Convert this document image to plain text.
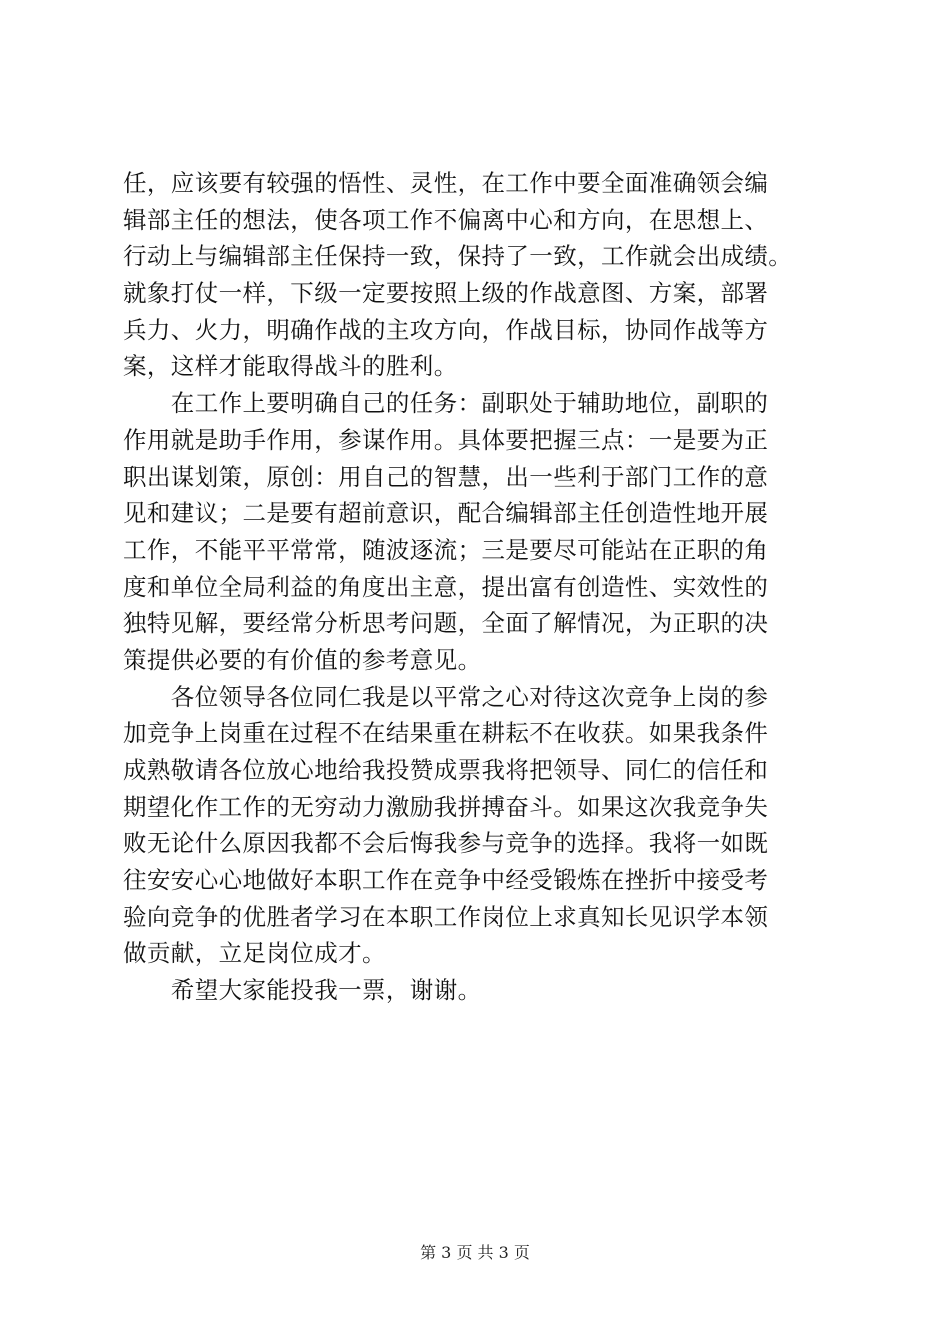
任，应该要有较强的悟性、灵性，在工作中要全面准确领会编
辑部主任的想法，使各项工作不偏离中心和方向，在思想上、
行动上与编辑部主任保持一致，保持了一致，工作就会出成绩。
就象打仗一样，下级一定要按照上级的作战意图、方案，部署
兵力、火力，明确作战的主攻方向，作战目标，协同作战等方
案，这样才能取得战斗的胜利。
　　在工作上要明确自己的任务：副职处于辅助地位，副职的
作用就是助手作用，参谋作用。具体要把握三点：一是要为正
职出谋划策，原创：用自己的智慧，出一些利于部门工作的意
见和建议；二是要有超前意识，配合编辑部主任创造性地开展
工作，不能平平常常，随波逐流；三是要尽可能站在正职的角
度和单位全局利益的角度出主意，提出富有创造性、实效性的
独特见解，要经常分析思考问题，全面了解情况，为正职的决
策提供必要的有价值的参考意见。
　　各位领导各位同仁我是以平常之心对待这次竞争上岗的参
加竞争上岗重在过程不在结果重在耕耘不在收获。如果我条件
成熟敬请各位放心地给我投赞成票我将把领导、同仁的信任和
期望化作工作的无穷动力激励我拼搏奋斗。如果这次我竞争失
败无论什么原因我都不会后悔我参与竞争的选择。我将一如既
往安安心心地做好本职工作在竞争中经受锻炼在挫折中接受考
验向竞争的优胜者学习在本职工作岗位上求真知长见识学本领
做贡献，立足岗位成才。
　　希望大家能投我一票，谢谢。
第 3 页 共 3 页
